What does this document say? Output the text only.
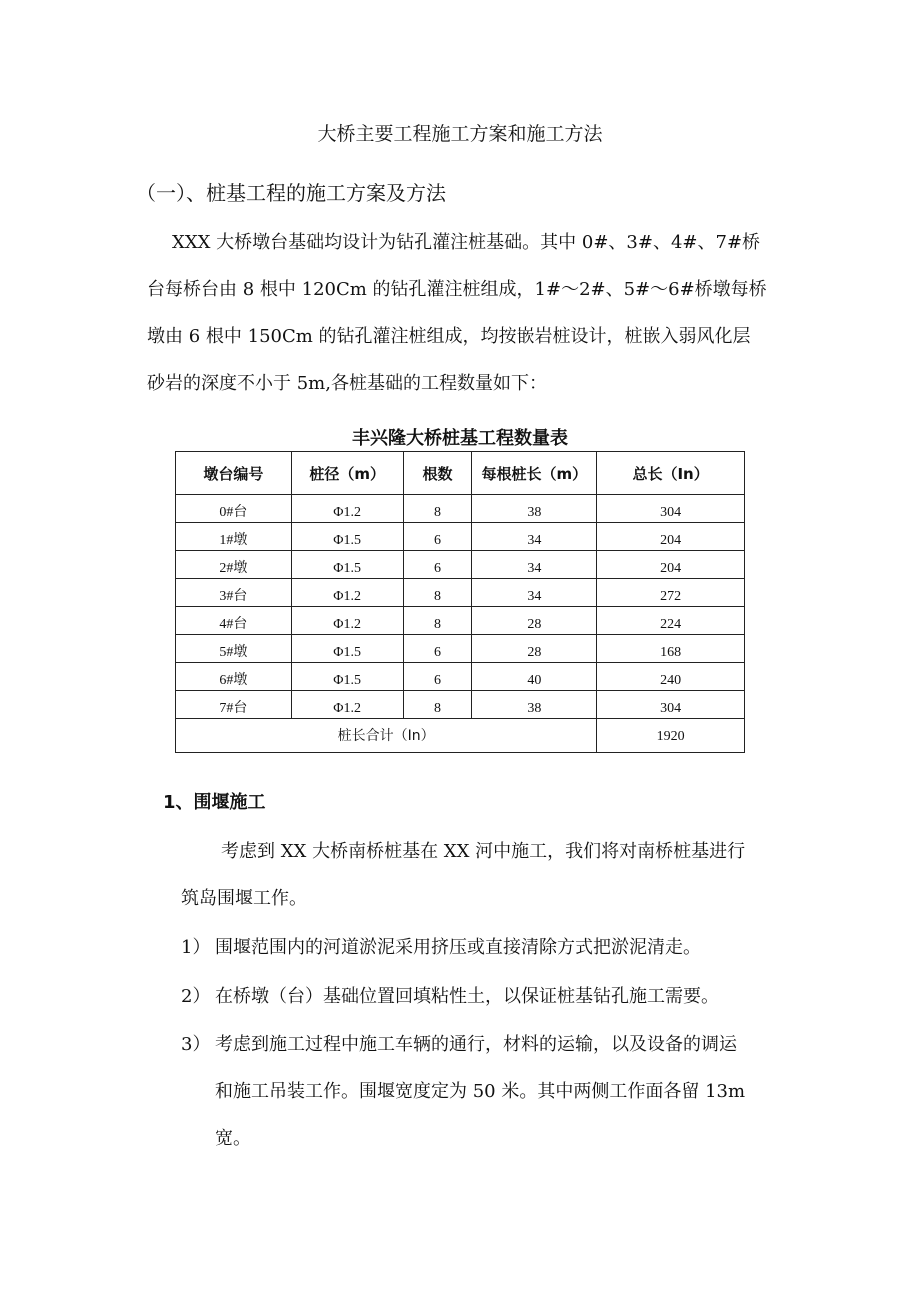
大桥主要工程施工方案和施工方法
（一）、桩基工程的施工方案及方法
XXX 大桥墩台基础均设计为钻孔灌注桩基础。其中 0#、3#、4#、7#桥
台每桥台由 8 根中 120Cm 的钻孔灌注桩组成，1#～2#、5#～6#桥墩每桥
墩由 6 根中 150Cm 的钻孔灌注桩组成，均按嵌岩桩设计，桩嵌入弱风化层
砂岩的深度不小于 5m,各桩基础的工程数量如下：
丰兴隆大桥桩基工程数量表
墩台编号	桩径（m）	根数	每根桩长（m）	总长（In）
0#台	Φ1.2	8	38	304
1#墩	Φ1.5	6	34	204
2#墩	Φ1.5	6	34	204
3#台	Φ1.2	8	34	272
4#台	Φ1.2	8	28	224
5#墩	Φ1.5	6	28	168
6#墩	Φ1.5	6	40	240
7#台	Φ1.2	8	38	304
桩长合计（In）				1920
1、围堰施工
考虑到 XX 大桥南桥桩基在 XX 河中施工，我们将对南桥桩基进行
筑岛围堰工作。
1） 围堰范围内的河道淤泥采用挤压或直接清除方式把淤泥清走。
2） 在桥墩（台）基础位置回填粘性土，以保证桩基钻孔施工需要。
3） 考虑到施工过程中施工车辆的通行，材料的运输，以及设备的调运
和施工吊装工作。围堰宽度定为 50 米。其中两侧工作面各留 13m
宽。
